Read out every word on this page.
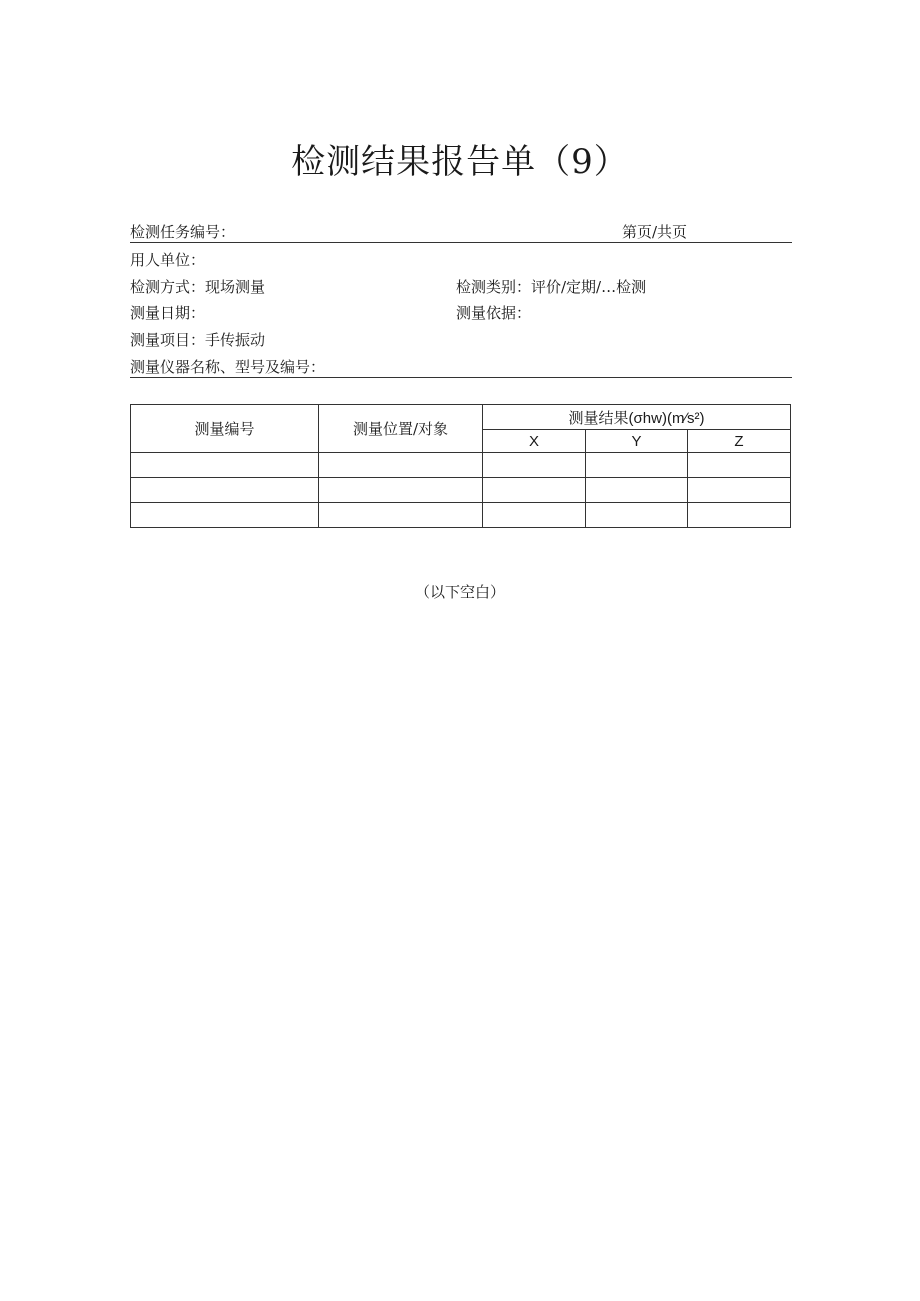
检测结果报告单（9）
检测任务编号：	第页/共页
用人单位：
检测方式：现场测量	检测类别：评价/定期/…检测
测量日期：	测量依据：
测量项目：手传振动
测量仪器名称、型号及编号：
测量编号	测量位置/对象	测量结果(σhw)(m∕s²)		
		X	Y	Z

（以下空白）
